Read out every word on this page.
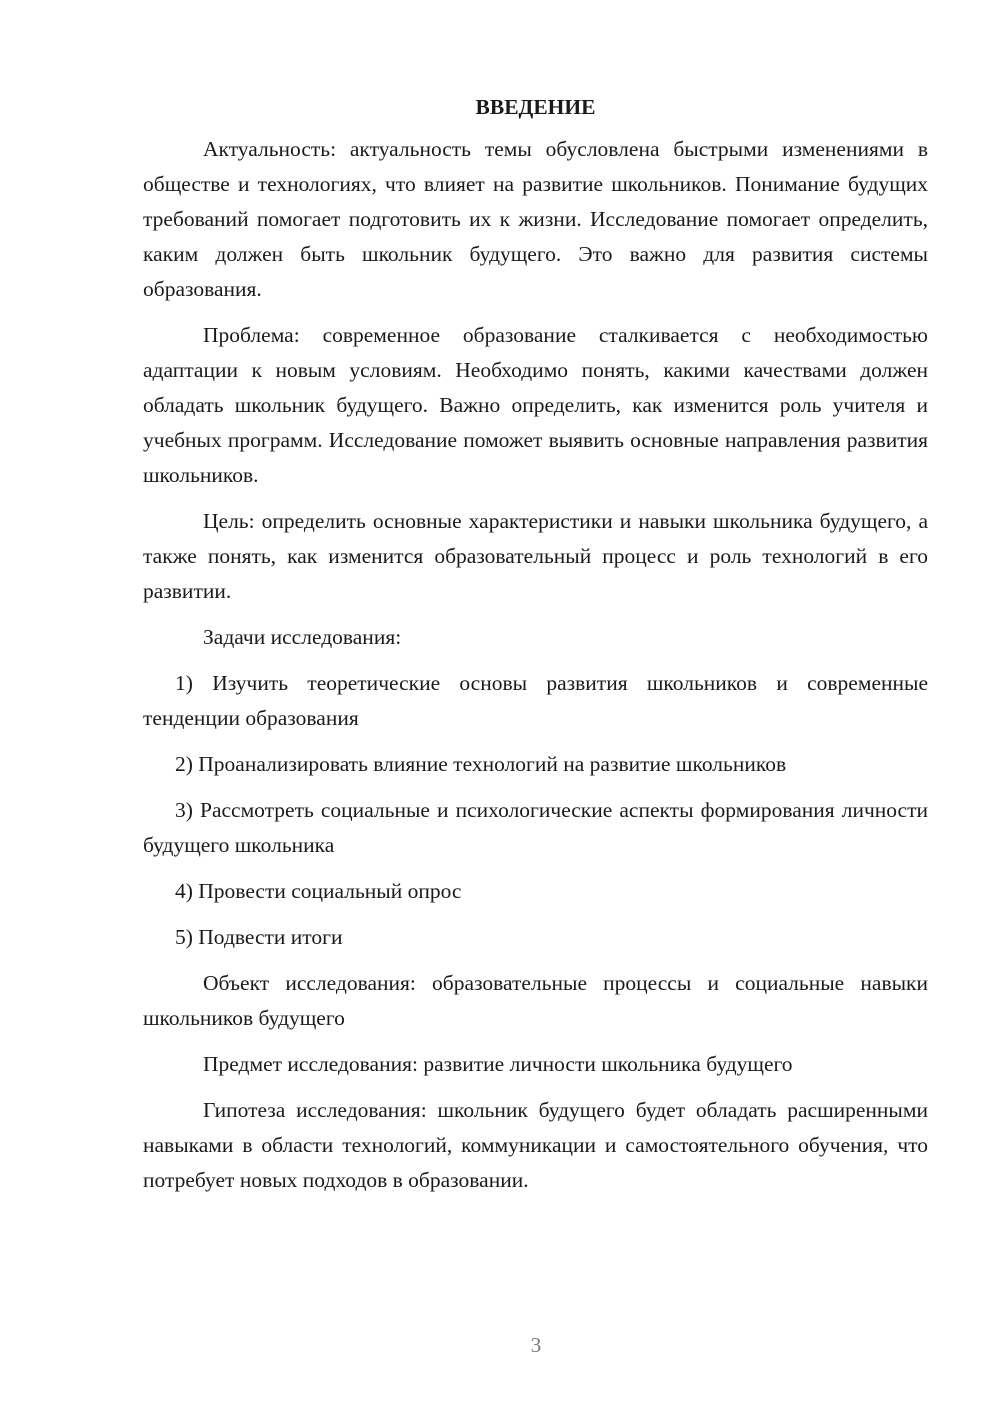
ВВЕДЕНИЕ

Актуальность: актуальность темы обусловлена быстрыми изменениями в обществе и технологиях, что влияет на развитие школьников. Понимание будущих требований помогает подготовить их к жизни. Исследование помогает определить, каким должен быть школьник будущего. Это важно для развития системы образования.

Проблема: современное образование сталкивается с необходимостью адаптации к новым условиям. Необходимо понять, какими качествами должен обладать школьник будущего. Важно определить, как изменится роль учителя и учебных программ. Исследование поможет выявить основные направления развития школьников.

Цель: определить основные характеристики и навыки школьника будущего, а также понять, как изменится образовательный процесс и роль технологий в его развитии.

Задачи исследования:

1) Изучить теоретические основы развития школьников и современные тенденции образования

2) Проанализировать влияние технологий на развитие школьников

3) Рассмотреть социальные и психологические аспекты формирования личности будущего школьника

4) Провести социальный опрос

5) Подвести итоги

Объект исследования: образовательные процессы и социальные навыки школьников будущего

Предмет исследования: развитие личности школьника будущего

Гипотеза исследования: школьник будущего будет обладать расширенными навыками в области технологий, коммуникации и самостоятельного обучения, что потребует новых подходов в образовании.

3
